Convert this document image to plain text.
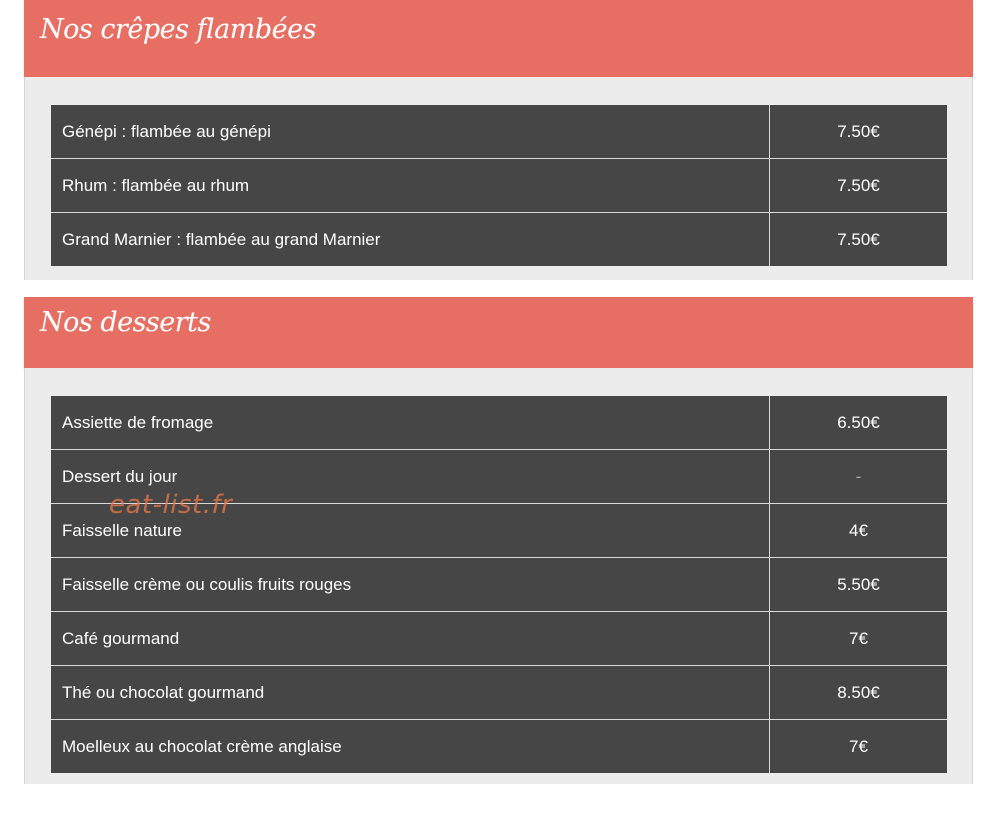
Nos crêpes flambées
Génépi : flambée au génépi	7.50€
Rhum : flambée au rhum	7.50€
Grand Marnier : flambée au grand Marnier	7.50€
Nos desserts
Assiette de fromage	6.50€
Dessert du jour	-
Faisselle nature	4€
Faisselle crème ou coulis fruits rouges	5.50€
Café gourmand	7€
Thé ou chocolat gourmand	8.50€
Moelleux au chocolat crème anglaise	7€
eat-list.fr
